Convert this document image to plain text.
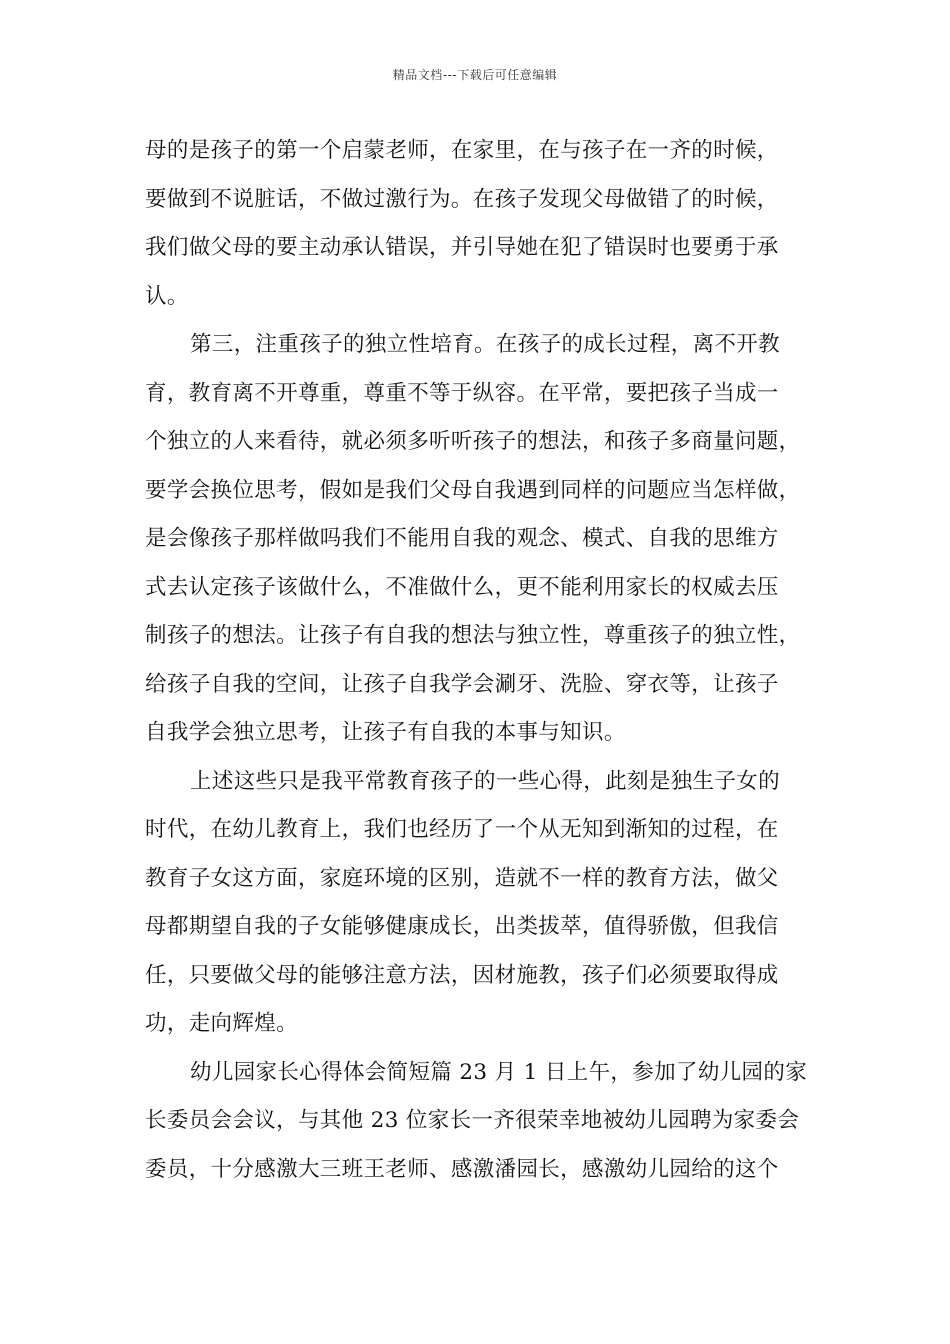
精品文档---下载后可任意编辑
母的是孩子的第一个启蒙老师，在家里，在与孩子在一齐的时候，
要做到不说脏话，不做过激行为。在孩子发现父母做错了的时候，
我们做父母的要主动承认错误，并引导她在犯了错误时也要勇于承
认。
第三，注重孩子的独立性培育。在孩子的成长过程，离不开教
育，教育离不开尊重，尊重不等于纵容。在平常，要把孩子当成一
个独立的人来看待，就必须多听听孩子的想法，和孩子多商量问题，
要学会换位思考，假如是我们父母自我遇到同样的问题应当怎样做，
是会像孩子那样做吗我们不能用自我的观念、模式、自我的思维方
式去认定孩子该做什么，不准做什么，更不能利用家长的权威去压
制孩子的想法。让孩子有自我的想法与独立性，尊重孩子的独立性，
给孩子自我的空间，让孩子自我学会涮牙、洗脸、穿衣等，让孩子
自我学会独立思考，让孩子有自我的本事与知识。
上述这些只是我平常教育孩子的一些心得，此刻是独生子女的
时代，在幼儿教育上，我们也经历了一个从无知到渐知的过程，在
教育子女这方面，家庭环境的区别，造就不一样的教育方法，做父
母都期望自我的子女能够健康成长，出类拔萃，值得骄傲，但我信
任，只要做父母的能够注意方法，因材施教，孩子们必须要取得成
功，走向辉煌。
幼儿园家长心得体会简短篇 23 月 1 日上午，参加了幼儿园的家
长委员会会议，与其他 23 位家长一齐很荣幸地被幼儿园聘为家委会
委员，十分感激大三班王老师、感激潘园长，感激幼儿园给的这个
